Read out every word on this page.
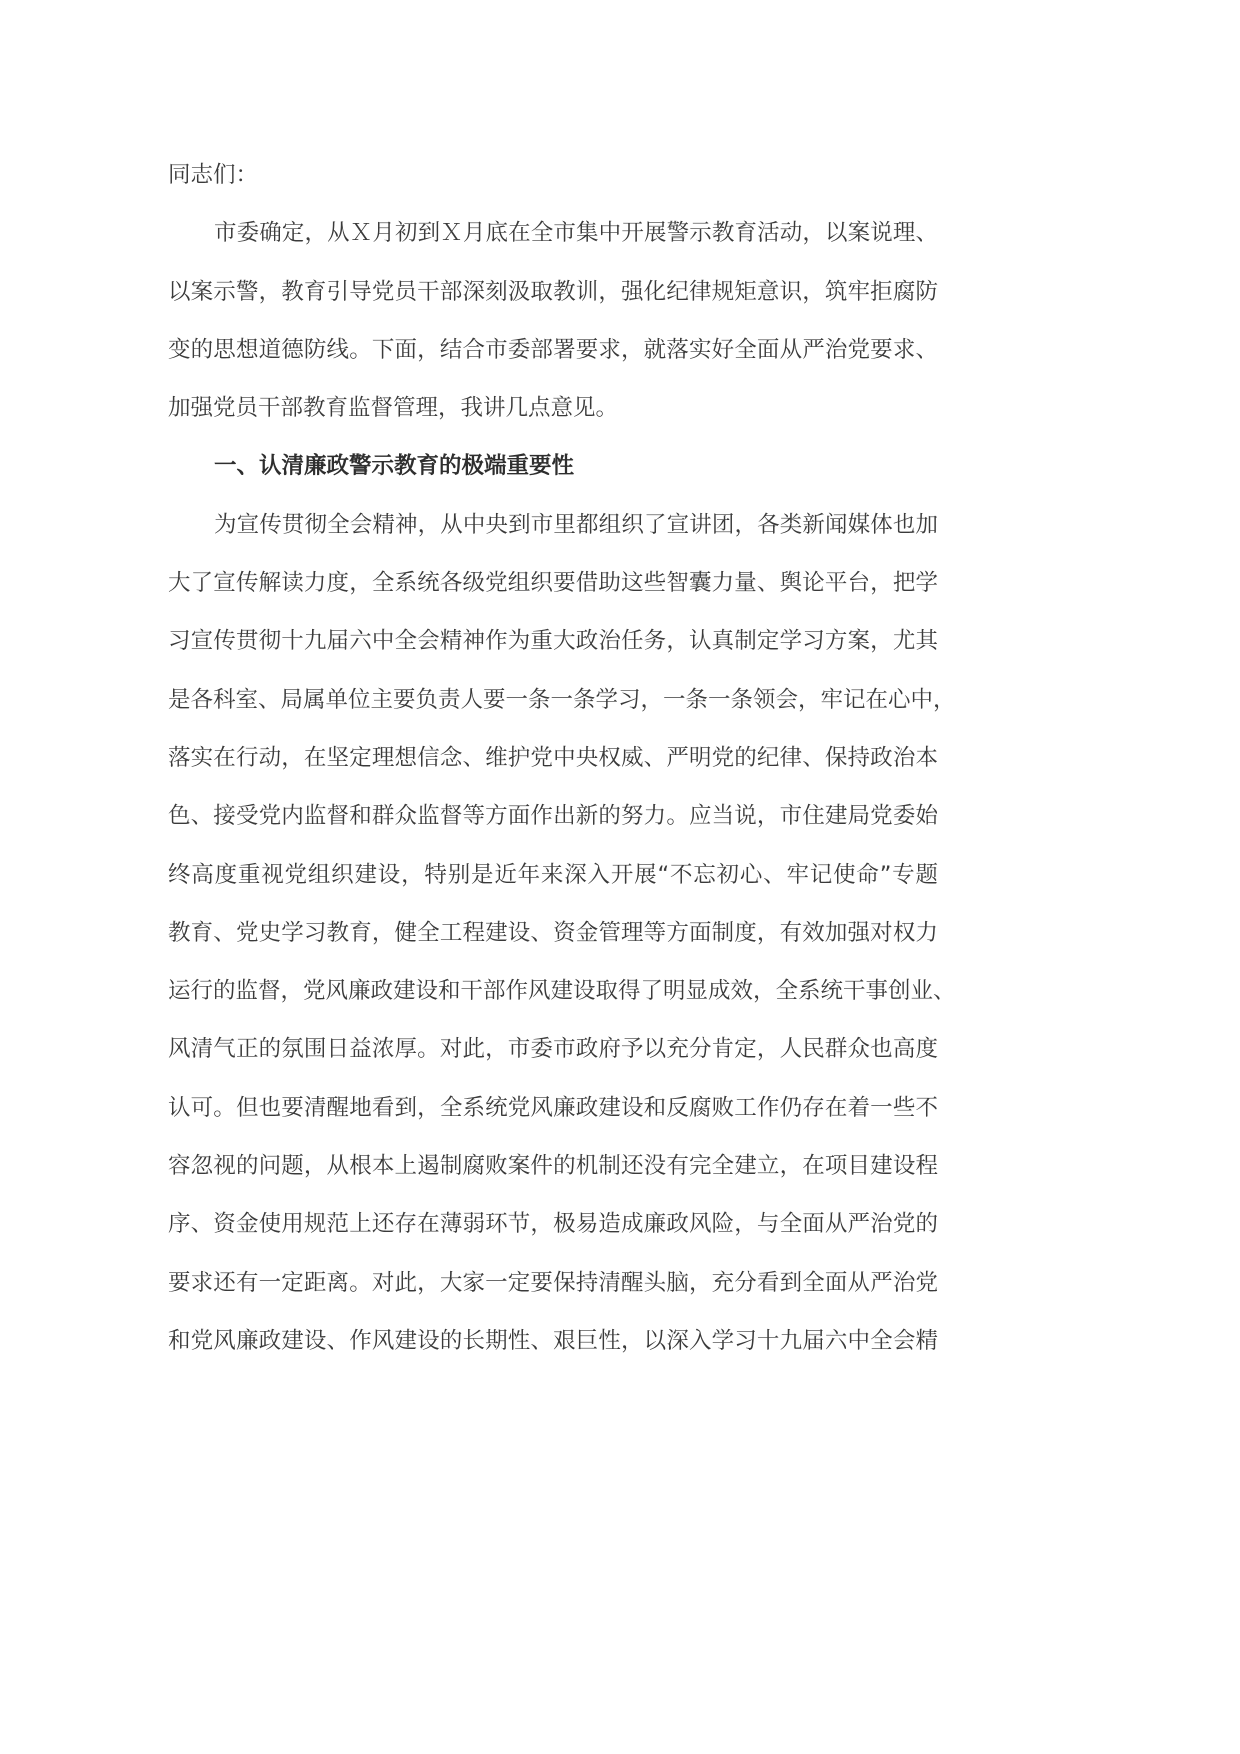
同志们：
市委确定，从Ｘ月初到Ｘ月底在全市集中开展警示教育活动，以案说理、
以案示警，教育引导党员干部深刻汲取教训，强化纪律规矩意识，筑牢拒腐防
变的思想道德防线。下面，结合市委部署要求，就落实好全面从严治党要求、
加强党员干部教育监督管理，我讲几点意见。
一、认清廉政警示教育的极端重要性
为宣传贯彻全会精神，从中央到市里都组织了宣讲团，各类新闻媒体也加
大了宣传解读力度，全系统各级党组织要借助这些智囊力量、舆论平台，把学
习宣传贯彻十九届六中全会精神作为重大政治任务，认真制定学习方案，尤其
是各科室、局属单位主要负责人要一条一条学习，一条一条领会，牢记在心中，
落实在行动，在坚定理想信念、维护党中央权威、严明党的纪律、保持政治本
色、接受党内监督和群众监督等方面作出新的努力。应当说，市住建局党委始
终高度重视党组织建设，特别是近年来深入开展“不忘初心、牢记使命”专题
教育、党史学习教育，健全工程建设、资金管理等方面制度，有效加强对权力
运行的监督，党风廉政建设和干部作风建设取得了明显成效，全系统干事创业、
风清气正的氛围日益浓厚。对此，市委市政府予以充分肯定，人民群众也高度
认可。但也要清醒地看到，全系统党风廉政建设和反腐败工作仍存在着一些不
容忽视的问题，从根本上遏制腐败案件的机制还没有完全建立，在项目建设程
序、资金使用规范上还存在薄弱环节，极易造成廉政风险，与全面从严治党的
要求还有一定距离。对此，大家一定要保持清醒头脑，充分看到全面从严治党
和党风廉政建设、作风建设的长期性、艰巨性，以深入学习十九届六中全会精
